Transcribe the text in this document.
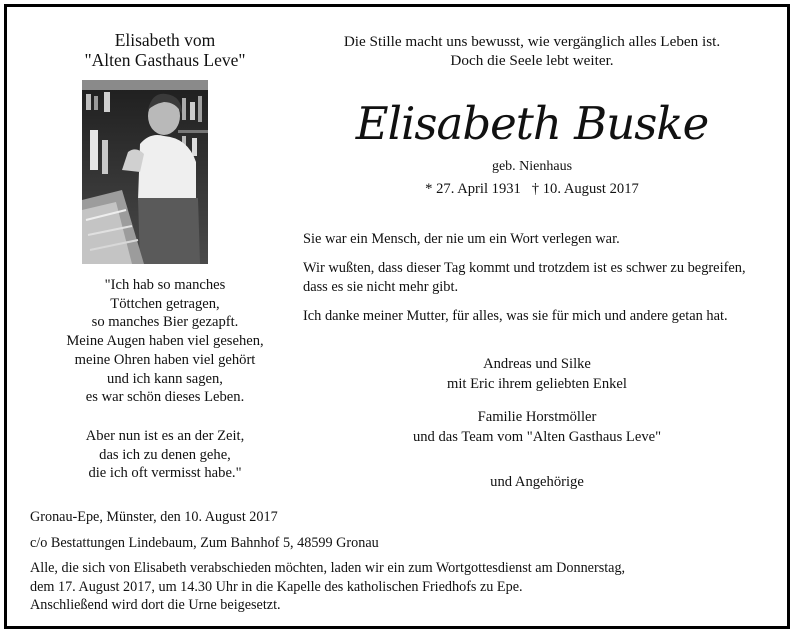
Elisabeth vom
"Alten Gasthaus Leve"

"Ich hab so manches

Töttchen getragen,

so manches Bier gezapft.

Meine Augen haben viel gesehen,

meine Ohren haben viel gehört

und ich kann sagen,

es war schön dieses Leben.

Aber nun ist es an der Zeit,

das ich zu denen gehe,

die ich oft vermisst habe."

Die Stille macht uns bewusst, wie vergänglich alles Leben ist.
Doch die Seele lebt weiter.
Elisabeth Buske
geb. Nienhaus
* 27. April 1931   † 10. August 2017

Sie war ein Mensch, der nie um ein Wort verlegen war.

Wir wußten, dass dieser Tag kommt und trotzdem ist es schwer zu begreifen, dass es sie nicht mehr gibt.

Ich danke meiner Mutter, für alles, was sie für mich und andere getan hat.

Andreas und Silke
mit Eric ihrem geliebten Enkel
Familie Horstmöller
und das Team vom "Alten Gasthaus Leve"
und Angehörige
Gronau-Epe, Münster, den 10. August 2017
c/o Bestattungen Lindebaum, Zum Bahnhof 5, 48599 Gronau

Alle, die sich von Elisabeth verabschieden möchten, laden wir ein zum Wortgottesdienst am Donnerstag,

dem 17. August 2017, um 14.30 Uhr in die Kapelle des katholischen Friedhofs zu Epe.

Anschließend wird dort die Urne beigesetzt.
